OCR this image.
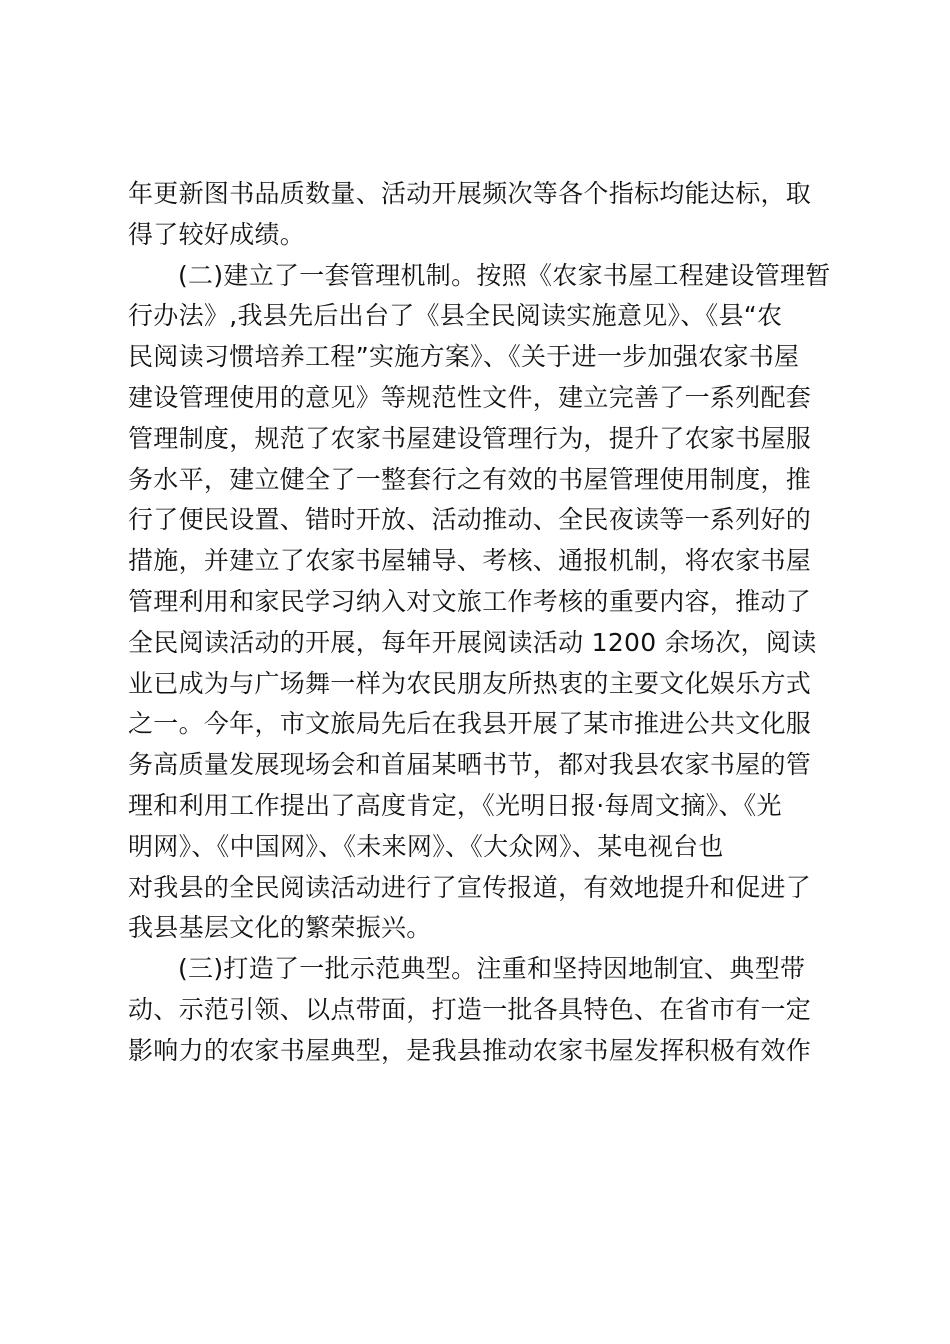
年更新图书品质数量、活动开展频次等各个指标均能达标，取
得了较好成绩。
(二)建立了一套管理机制。按照《农家书屋工程建设管理暂
行办法》,我县先后出台了《县全民阅读实施意见》、《县“农
民阅读习惯培养工程”实施方案》、《关于进一步加强农家书屋
建设管理使用的意见》等规范性文件，建立完善了一系列配套
管理制度，规范了农家书屋建设管理行为，提升了农家书屋服
务水平，建立健全了一整套行之有效的书屋管理使用制度，推
行了便民设置、错时开放、活动推动、全民夜读等一系列好的
措施，并建立了农家书屋辅导、考核、通报机制，将农家书屋
管理利用和家民学习纳入对文旅工作考核的重要内容，推动了
全民阅读活动的开展，每年开展阅读活动 1200 余场次，阅读
业已成为与广场舞一样为农民朋友所热衷的主要文化娱乐方式
之一。今年，市文旅局先后在我县开展了某市推进公共文化服
务高质量发展现场会和首届某晒书节，都对我县农家书屋的管
理和利用工作提出了高度肯定，《光明日报·每周文摘》、《光
明网》、《中国网》、《未来网》、《大众网》、某电视台也
对我县的全民阅读活动进行了宣传报道，有效地提升和促进了
我县基层文化的繁荣振兴。
(三)打造了一批示范典型。注重和坚持因地制宜、典型带
动、示范引领、以点带面，打造一批各具特色、在省市有一定
影响力的农家书屋典型，是我县推动农家书屋发挥积极有效作
